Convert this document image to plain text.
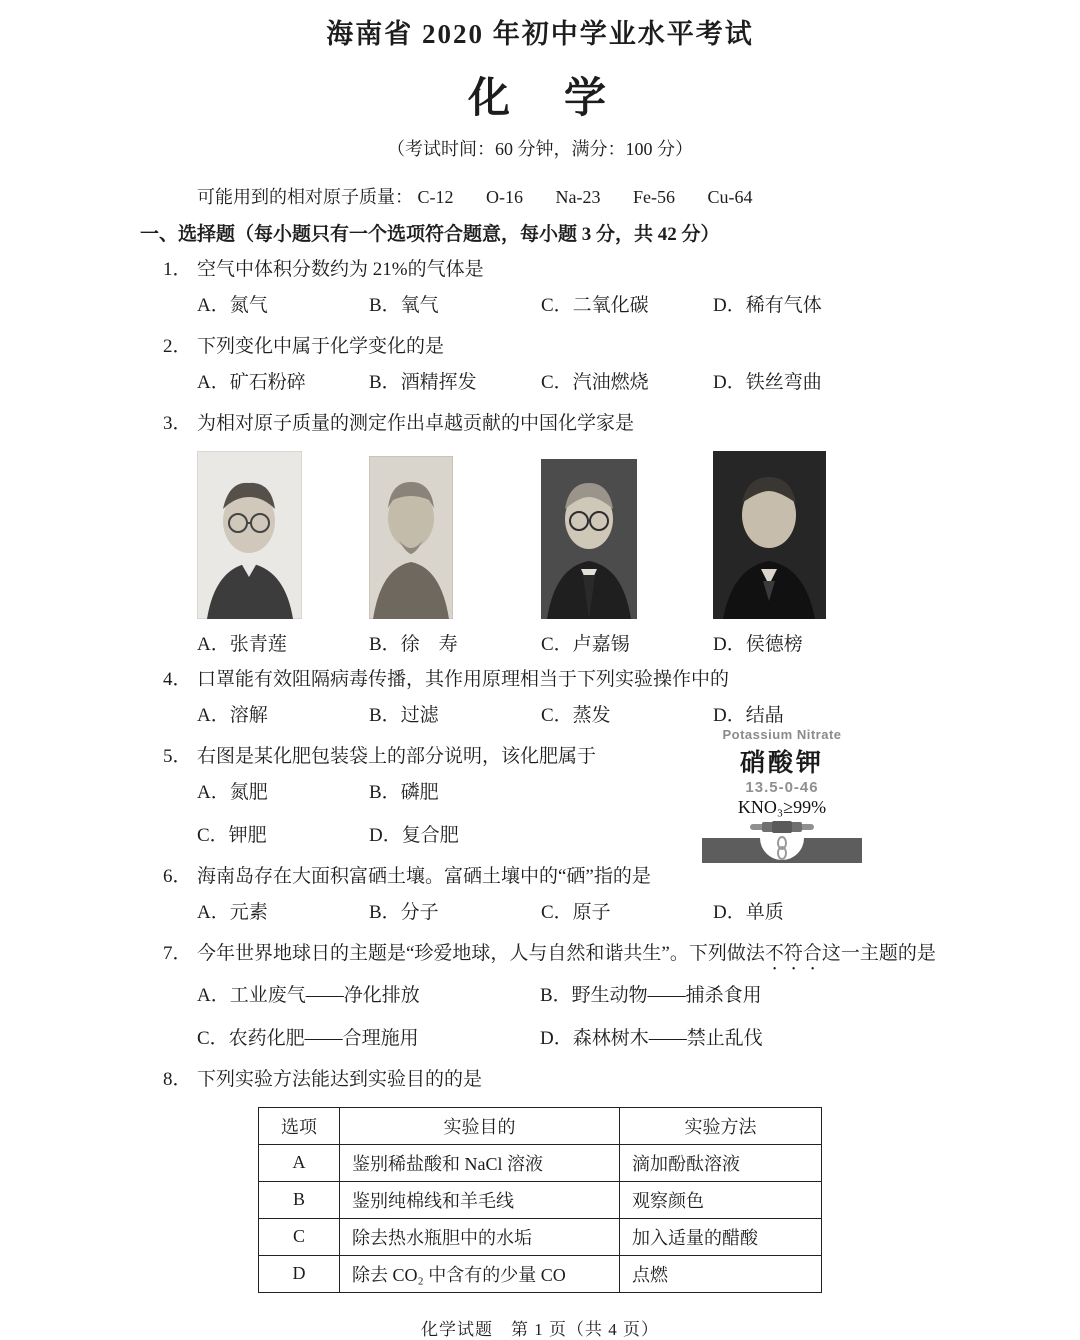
海南省 2020 年初中学业水平考试
化　学

（考试时间：60 分钟，满分：100 分）

可能用到的相对原子质量： C-12 O-16 Na-23 Fe-56 Cu-64

一、选择题（每小题只有一个选项符合题意，每小题 3 分，共 42 分）

1． 空气中体积分数约为 21%的气体是
A．氮气	B．氧气	C．二氧化碳	D．稀有气体
2． 下列变化中属于化学变化的是
A．矿石粉碎	B．酒精挥发	C．汽油燃烧	D．铁丝弯曲
3． 为相对原子质量的测定作出卓越贡献的中国化学家是
A．张青莲	B．徐　寿	C．卢嘉锡	D．侯德榜
4． 口罩能有效阻隔病毒传播，其作用原理相当于下列实验操作中的
A．溶解	B．过滤	C．蒸发	D．结晶
5． 右图是某化肥包装袋上的部分说明，该化肥属于
A．氮肥	B．磷肥
C．钾肥	D．复合肥
Potassium Nitrate
硝酸钾
13.5-0-46
KNO₃≥99%
6． 海南岛存在大面积富硒土壤。富硒土壤中的“硒”指的是
A．元素	B．分子	C．原子	D．单质
7． 今年世界地球日的主题是“珍爱地球，人与自然和谐共生”。下列做法不符合这一主题的是
A．工业废气——净化排放	B．野生动物——捕杀食用
C．农药化肥——合理施用	D．森林树木——禁止乱伐
8． 下列实验方法能达到实验目的的是
选项	实验目的	实验方法
A	鉴别稀盐酸和 NaCl 溶液	滴加酚酞溶液
B	鉴别纯棉线和羊毛线	观察颜色
C	除去热水瓶胆中的水垢	加入适量的醋酸
D	除去 CO₂ 中含有的少量 CO	点燃

化学试题　第 1 页（共 4 页）
